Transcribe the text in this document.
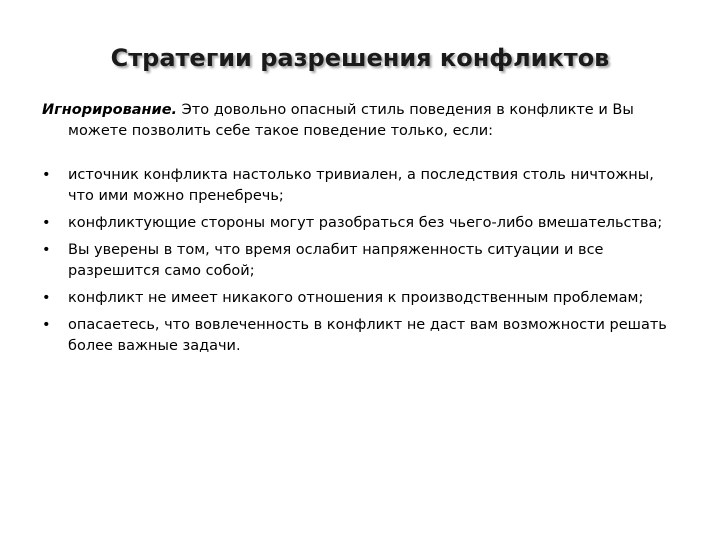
Стратегии разрешения конфликтов

Игнорирование. Это довольно опасный стиль поведения в конфликте и Вы можете позволить себе такое поведение только, если:

•	источник конфликта настолько тривиален, а последствия столь ничтожны, что ими можно пренебречь;
•	конфликтующие стороны могут разобраться без чьего-либо вмешательства;
•	Вы уверены в том, что время ослабит напряженность ситуации и все разрешится само собой;
•	конфликт не имеет никакого отношения к производственным проблемам;
•	опасаетесь, что вовлеченность в конфликт не даст вам возможности решать более важные задачи.
